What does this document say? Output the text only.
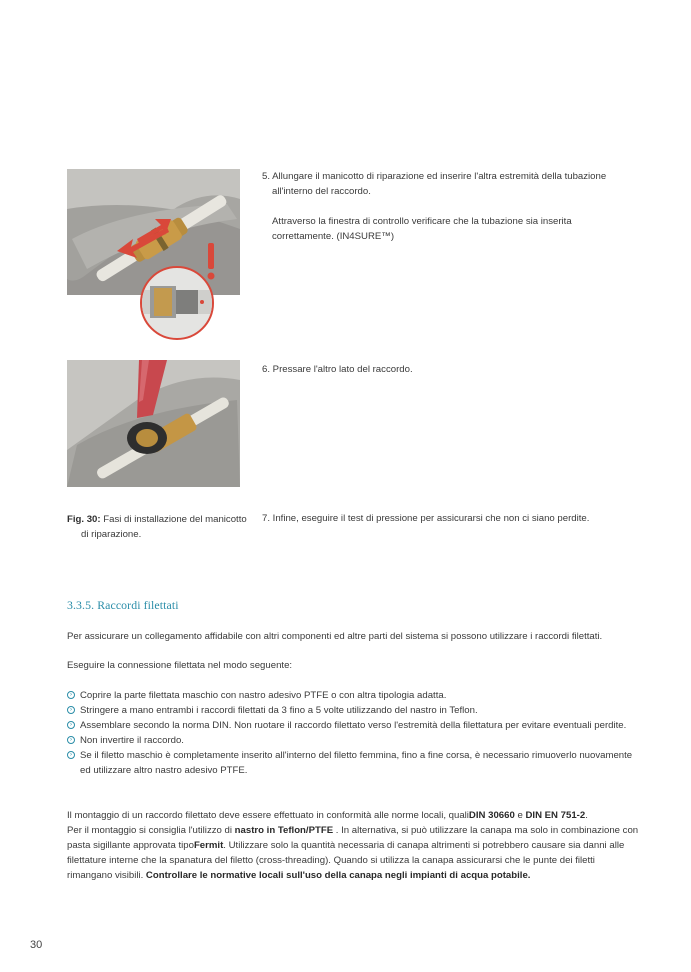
5. Allungare il manicotto di riparazione ed inserire l'altra estremità della tubazione all'interno del raccordo.

Attraverso la finestra di controllo verificare che la tubazione sia inserita correttamente. (IN4SURE™)

6. Pressare l'altro lato del raccordo.

7. Infine, eseguire il test di pressione per assicurarsi che non ci siano perdite.

Fig. 30: Fasi di installazione del manicotto di riparazione.
3.3.5. Raccordi filettati

Per assicurare un collegamento affidabile con altri componenti ed altre parti del sistema si possono utilizzare i raccordi filettati.

Eseguire la connessione filettata nel modo seguente:

› Coprire la parte filettata maschio con nastro adesivo PTFE o con altra tipologia adatta.
› Stringere a mano entrambi i raccordi filettati da 3 fino a 5 volte utilizzando del nastro in Teflon.
› Assemblare secondo la norma DIN. Non ruotare il raccordo filettato verso l'estremità della filettatura per evitare eventuali perdite.
› Non invertire il raccordo.
› Se il filetto maschio è completamente inserito all'interno del filetto femmina, fino a fine corsa, è necessario rimuoverlo nuovamente ed utilizzare altro nastro adesivo PTFE.

Il montaggio di un raccordo filettato deve essere effettuato in conformità alle norme locali, qualiDIN 30660 e DIN EN 751-2.
Per il montaggio si consiglia l'utilizzo di nastro in Teflon/PTFE . In alternativa, si può utilizzare la canapa ma solo in combinazione con pasta sigillante approvata tipoFermit. Utilizzare solo la quantità necessaria di canapa altrimenti si potrebbero causare sia danni alle filettature interne che la spanatura del filetto (cross-threading). Quando si utilizza la canapa assicurarsi che le punte dei filetti rimangano visibili. Controllare le normative locali sull'uso della canapa negli impianti di acqua potabile.

30
